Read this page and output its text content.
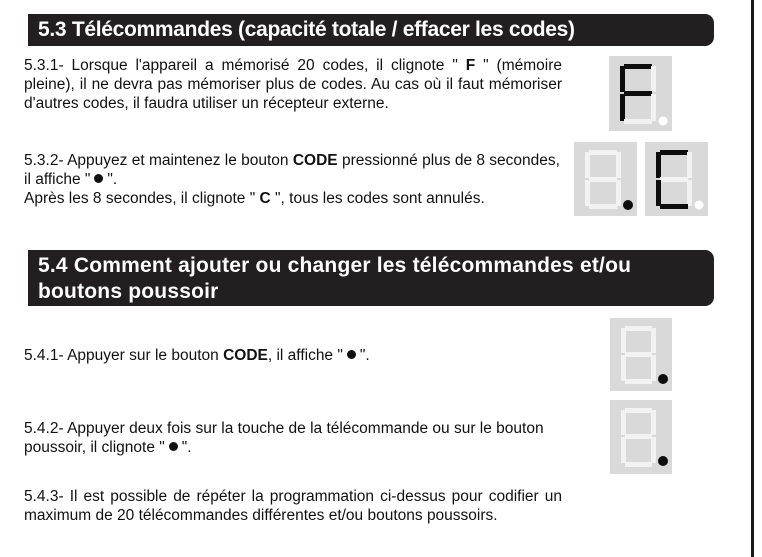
5.3 Télécommandes (capacité totale / effacer les codes)

5.3.1- Lorsque l'appareil a mémorisé 20 codes, il clignote " F " (mémoire pleine), il ne devra pas mémoriser plus de codes. Au cas où il faut mémoriser d'autres codes, il faudra utiliser un récepteur externe.

5.3.2- Appuyez et maintenez le bouton CODE pressionné plus de 8 secondes, il affiche " ".
Après les 8 secondes, il clignote " C ", tous les codes sont annulés.

5.4 Comment ajouter ou changer les télécommandes et/ou boutons poussoir

5.4.1- Appuyer sur le bouton CODE, il affiche " ".

5.4.2- Appuyer deux fois sur la touche de la télécommande ou sur le bouton poussoir, il clignote " ".

5.4.3- Il est possible de répéter la programmation ci-dessus pour codifier un maximum de 20 télécommandes différentes et/ou boutons poussoirs.
